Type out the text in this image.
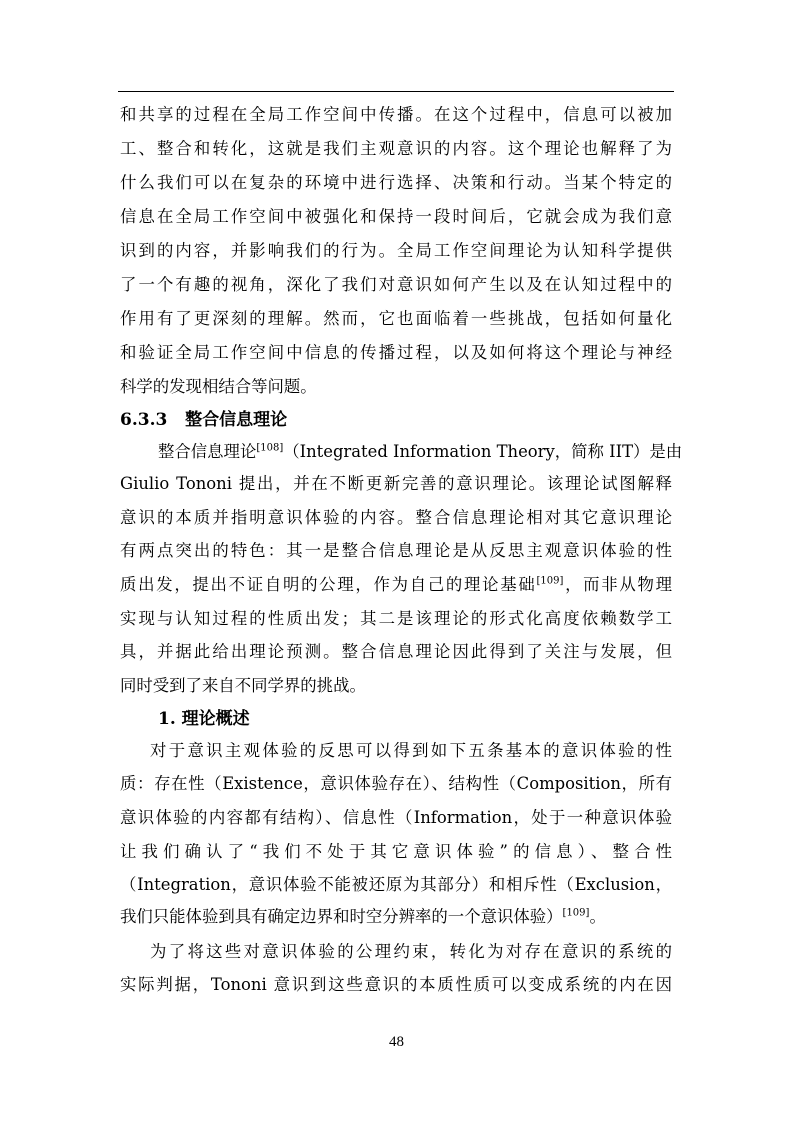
和共享的过程在全局工作空间中传播。在这个过程中，信息可以被加
工、整合和转化，这就是我们主观意识的内容。这个理论也解释了为
什么我们可以在复杂的环境中进行选择、决策和行动。当某个特定的
信息在全局工作空间中被强化和保持一段时间后，它就会成为我们意
识到的内容，并影响我们的行为。全局工作空间理论为认知科学提供
了一个有趣的视角，深化了我们对意识如何产生以及在认知过程中的
作用有了更深刻的理解。然而，它也面临着一些挑战，包括如何量化
和验证全局工作空间中信息的传播过程，以及如何将这个理论与神经
科学的发现相结合等问题。
6.3.3 整合信息理论
整合信息理论[108]（Integrated Information Theory，简称 IIT）是由
Giulio Tononi 提出，并在不断更新完善的意识理论。该理论试图解释
意识的本质并指明意识体验的内容。整合信息理论相对其它意识理论
有两点突出的特色：其一是整合信息理论是从反思主观意识体验的性
质出发，提出不证自明的公理，作为自己的理论基础[109]，而非从物理
实现与认知过程的性质出发；其二是该理论的形式化高度依赖数学工
具，并据此给出理论预测。整合信息理论因此得到了关注与发展，但
同时受到了来自不同学界的挑战。
1. 理论概述
对于意识主观体验的反思可以得到如下五条基本的意识体验的性
质：存在性（Existence，意识体验存在）、结构性（Composition，所有
意识体验的内容都有结构）、信息性（Information，处于一种意识体验
让我们确认了“我们不处于其它意识体验”的信息）、整合性
（Integration，意识体验不能被还原为其部分）和相斥性（Exclusion，
我们只能体验到具有确定边界和时空分辨率的一个意识体验）[109]。
为了将这些对意识体验的公理约束，转化为对存在意识的系统的
实际判据，Tononi 意识到这些意识的本质性质可以变成系统的内在因
48
